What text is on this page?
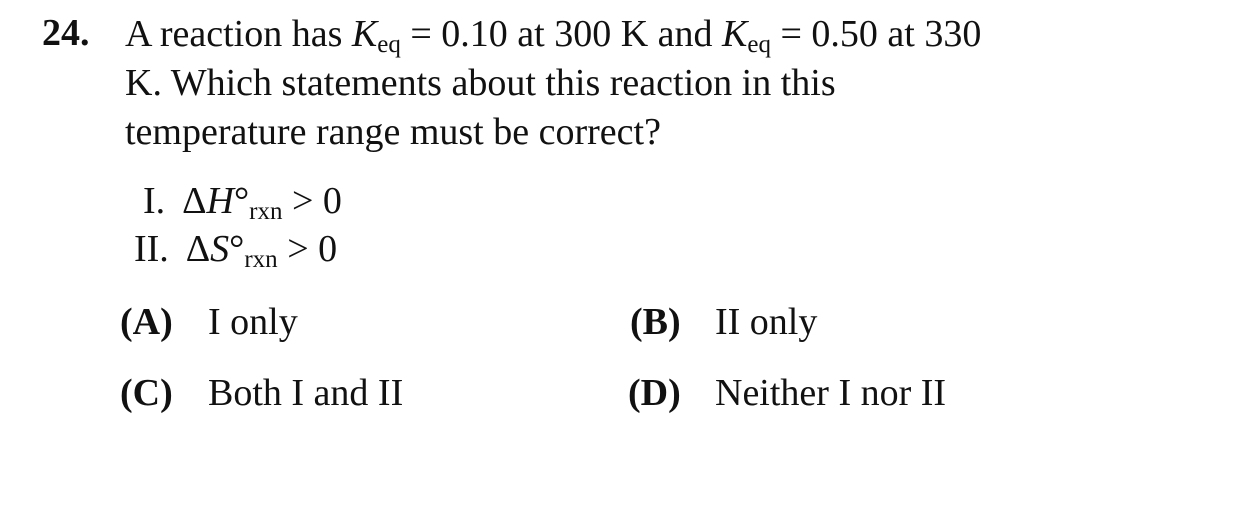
24. A reaction has $K_{eq} = 0.10$ at 300 K and $K_{eq} = 0.50$ at 330
K. Which statements about this reaction in this
temperature range must be correct?
I. $\Delta H^\circ_{rxn} > 0$
II. $\Delta S^\circ_{rxn} > 0$
(A) I only	(B) II only
(C) Both I and II	(D) Neither I nor II
